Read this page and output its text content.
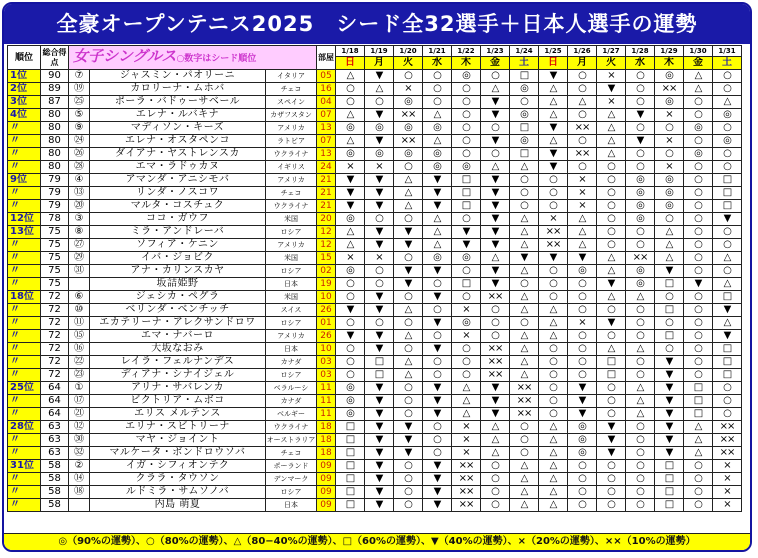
全豪オープンテニス2025　シード全32選手＋日本人選手の運勢
順位	総合得点	女子シングルス○数字はシード順位			部屋	1/18	1/19	1/20	1/21	1/22	1/23	1/24	1/25	1/26	1/27	1/28	1/29	1/30	1/31
						日	月	火	水	木	金	土	日	月	火	水	木	金	土
1位	90	⑦	ジャスミン・パオリーニ	イタリア	05	△	▼	○	○	◎	○	□	▼	○	×	○	◎	△	○
2位	89	⑲	カロリーナ・ムホバ	チェコ	16	○	△	×	○	○	△	◎	△	○	▼	○	××	△	○
3位	87	㉕	ポーラ・バドゥーサベール	スペイン	04	○	○	◎	○	○	▼	○	△	△	×	○	◎	○	△
4位	80	⑤	エレナ・ルバキナ	カザフスタン	07	△	▼	××	△	○	▼	◎	△	○	△	▼	×	○	◎
〃	80	⑨	マディソン・キーズ	アメリカ	13	◎	◎	◎	◎	○	○	□	▼	××	△	○	○	◎	○
〃	80	㉔	エレナ・オスタペンコ	ラトビア	07	△	▼	××	△	○	▼	◎	△	○	△	▼	×	○	◎
〃	80	㉖	ダイアナ・ヤストレンスカ	ウクライナ	13	◎	◎	◎	◎	○	○	□	▼	××	△	○	○	◎	○
〃	80	㉘	エマ・ラドゥカヌ	イギリス	24	×	×	○	◎	◎	△	△	▼	○	○	○	×	○	○
9位	79	④	アマンダ・アニシモバ	アメリカ	21	▼	▼	△	▼	□	▼	○	○	×	○	◎	◎	○	□
〃	79	⑬	リンダ・ノスコワ	チェコ	21	▼	▼	△	▼	□	▼	○	○	×	○	◎	◎	○	□
〃	79	⑳	マルタ・コスチュク	ウクライナ	21	▼	▼	△	▼	□	▼	○	○	×	○	◎	◎	○	□
12位	78	③	ココ・ガウフ	米国	20	◎	○	○	△	○	▼	△	×	△	○	◎	○	○	▼
13位	75	⑧	ミラ・アンドレーバ	ロシア	12	△	▼	▼	△	▼	▼	△	××	△	○	○	△	○	○
〃	75	㉗	ソフィア・ケニン	アメリカ	12	△	▼	▼	△	▼	▼	△	××	△	○	○	△	○	○
〃	75	㉙	イバ・ジョビク	米国	15	×	×	○	◎	◎	△	▼	▼	▼	△	××	△	○	△
〃	75	㉛	アナ・カリンスカヤ	ロシア	02	◎	○	▼	▼	○	▼	△	○	◎	△	◎	▼	○	○
〃	75		坂詰姫野	日本	19	○	○	▼	○	□	▼	○	○	○	▼	◎	□	▼	△
18位	72	⑥	ジェシカ・ペグラ	米国	10	○	▼	○	▼	○	××	△	○	○	△	△	○	○	□
〃	72	⑩	ベリンダ・ベンチッチ	スイス	26	▼	▼	△	○	×	○	△	△	○	○	○	□	○	▼
〃	72	⑪	エカテリーナ・アレクサンドロワ	ロシア	01	○	○	○	▼	◎	○	○	△	×	▼	○	○	○	△
〃	72	⑮	エマ・ナバーロ	アメリカ	26	▼	▼	△	○	×	○	△	△	○	○	○	□	○	▼
〃	72	⑯	大坂なおみ	日本	10	○	▼	○	▼	○	××	△	○	○	△	△	○	○	□
〃	72	㉒	レイラ・フェルナンデス	カナダ	03	○	□	△	○	○	××	△	○	○	□	○	▼	○	□
〃	72	㉓	ディアナ・シナイジェル	ロシア	03	○	□	△	○	○	××	△	○	○	□	○	▼	○	□
25位	64	①	アリナ・サバレンカ	ベラルーシ	11	◎	▼	○	▼	△	▼	××	○	▼	○	△	▼	□	○
〃	64	⑰	ビクトリア・ムボコ	カナダ	11	◎	▼	○	▼	△	▼	××	○	▼	○	△	▼	□	○
〃	64	㉑	エリス メルテンス	ベルギー	11	◎	▼	○	▼	△	▼	××	○	▼	○	△	▼	□	○
28位	63	⑫	エリナ・スビトリーナ	ウクライナ	18	□	▼	▼	○	×	△	○	△	◎	▼	○	▼	△	××
〃	63	㉚	マヤ・ジョイント	オーストラリア	18	□	▼	▼	○	×	△	○	△	◎	▼	○	▼	△	××
〃	63	㉜	マルケータ・ボンドロウソバ	チェコ	18	□	▼	▼	○	×	△	○	△	◎	▼	○	▼	△	××
31位	58	②	イガ・シフィオンテク	ポーランド	09	□	▼	○	▼	××	○	△	△	○	○	○	□	○	×
〃	58	⑭	クララ・タウソン	デンマーク	09	□	▼	○	▼	××	○	△	△	○	○	○	□	○	×
〃	58	⑱	ルドミラ・サムソノバ	ロシア	09	□	▼	○	▼	××	○	△	△	○	○	○	□	○	×
〃	58		内島 萌夏	日本	09	□	▼	○	▼	××	○	△	△	○	○	○	□	○	×
◎（90%の運勢）、○（80%の運勢）、△（80−40%の運勢）、□（60%の運勢）、▼（40%の運勢）、×（20%の運勢）、××（10%の運勢）
